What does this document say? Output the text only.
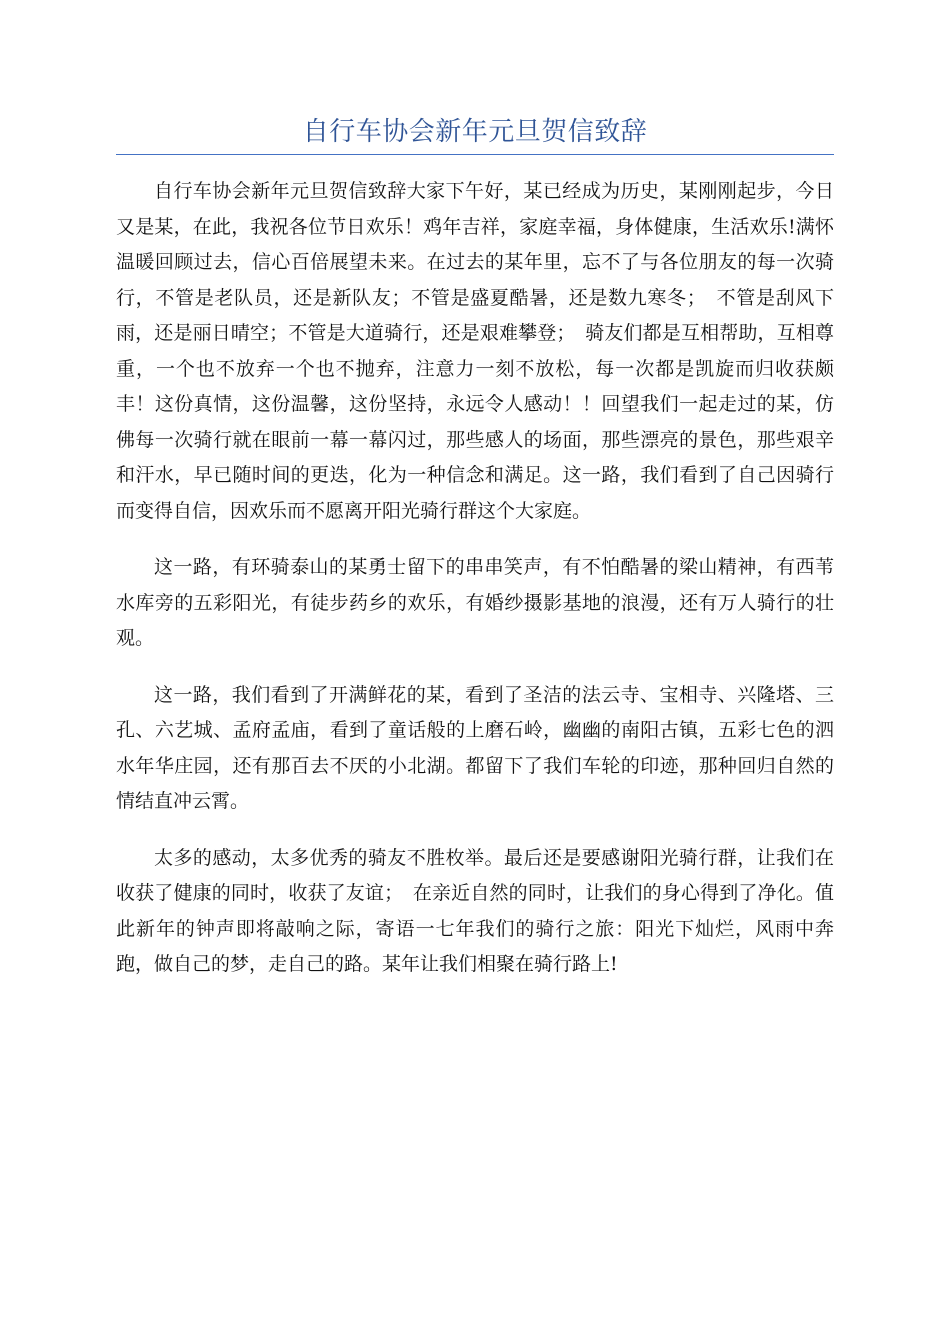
自行车协会新年元旦贺信致辞

自行车协会新年元旦贺信致辞大家下午好，某已经成为历史，某刚刚起步，今日又是某，在此，我祝各位节日欢乐！鸡年吉祥，家庭幸福，身体健康，生活欢乐!满怀温暖回顾过去，信心百倍展望未来。在过去的某年里，忘不了与各位朋友的每一次骑行，不管是老队员，还是新队友；不管是盛夏酷暑，还是数九寒冬；　不管是刮风下雨，还是丽日晴空；不管是大道骑行，还是艰难攀登；　骑友们都是互相帮助，互相尊重，一个也不放弃一个也不抛弃，注意力一刻不放松，每一次都是凯旋而归收获颇丰！这份真情，这份温馨，这份坚持，永远令人感动！！回望我们一起走过的某，仿佛每一次骑行就在眼前一幕一幕闪过，那些感人的场面，那些漂亮的景色，那些艰辛和汗水，早已随时间的更迭，化为一种信念和满足。这一路，我们看到了自己因骑行而变得自信，因欢乐而不愿离开阳光骑行群这个大家庭。

这一路，有环骑泰山的某勇士留下的串串笑声，有不怕酷暑的梁山精神，有西苇水库旁的五彩阳光，有徒步药乡的欢乐，有婚纱摄影基地的浪漫，还有万人骑行的壮观。

这一路，我们看到了开满鲜花的某，看到了圣洁的法云寺、宝相寺、兴隆塔、三孔、六艺城、孟府孟庙，看到了童话般的上磨石岭，幽幽的南阳古镇，五彩七色的泗水年华庄园，还有那百去不厌的小北湖。都留下了我们车轮的印迹，那种回归自然的情结直冲云霄。

太多的感动，太多优秀的骑友不胜枚举。最后还是要感谢阳光骑行群，让我们在收获了健康的同时，收获了友谊；　在亲近自然的同时，让我们的身心得到了净化。值此新年的钟声即将敲响之际，寄语一七年我们的骑行之旅：阳光下灿烂，风雨中奔跑，做自己的梦，走自己的路。某年让我们相聚在骑行路上!
